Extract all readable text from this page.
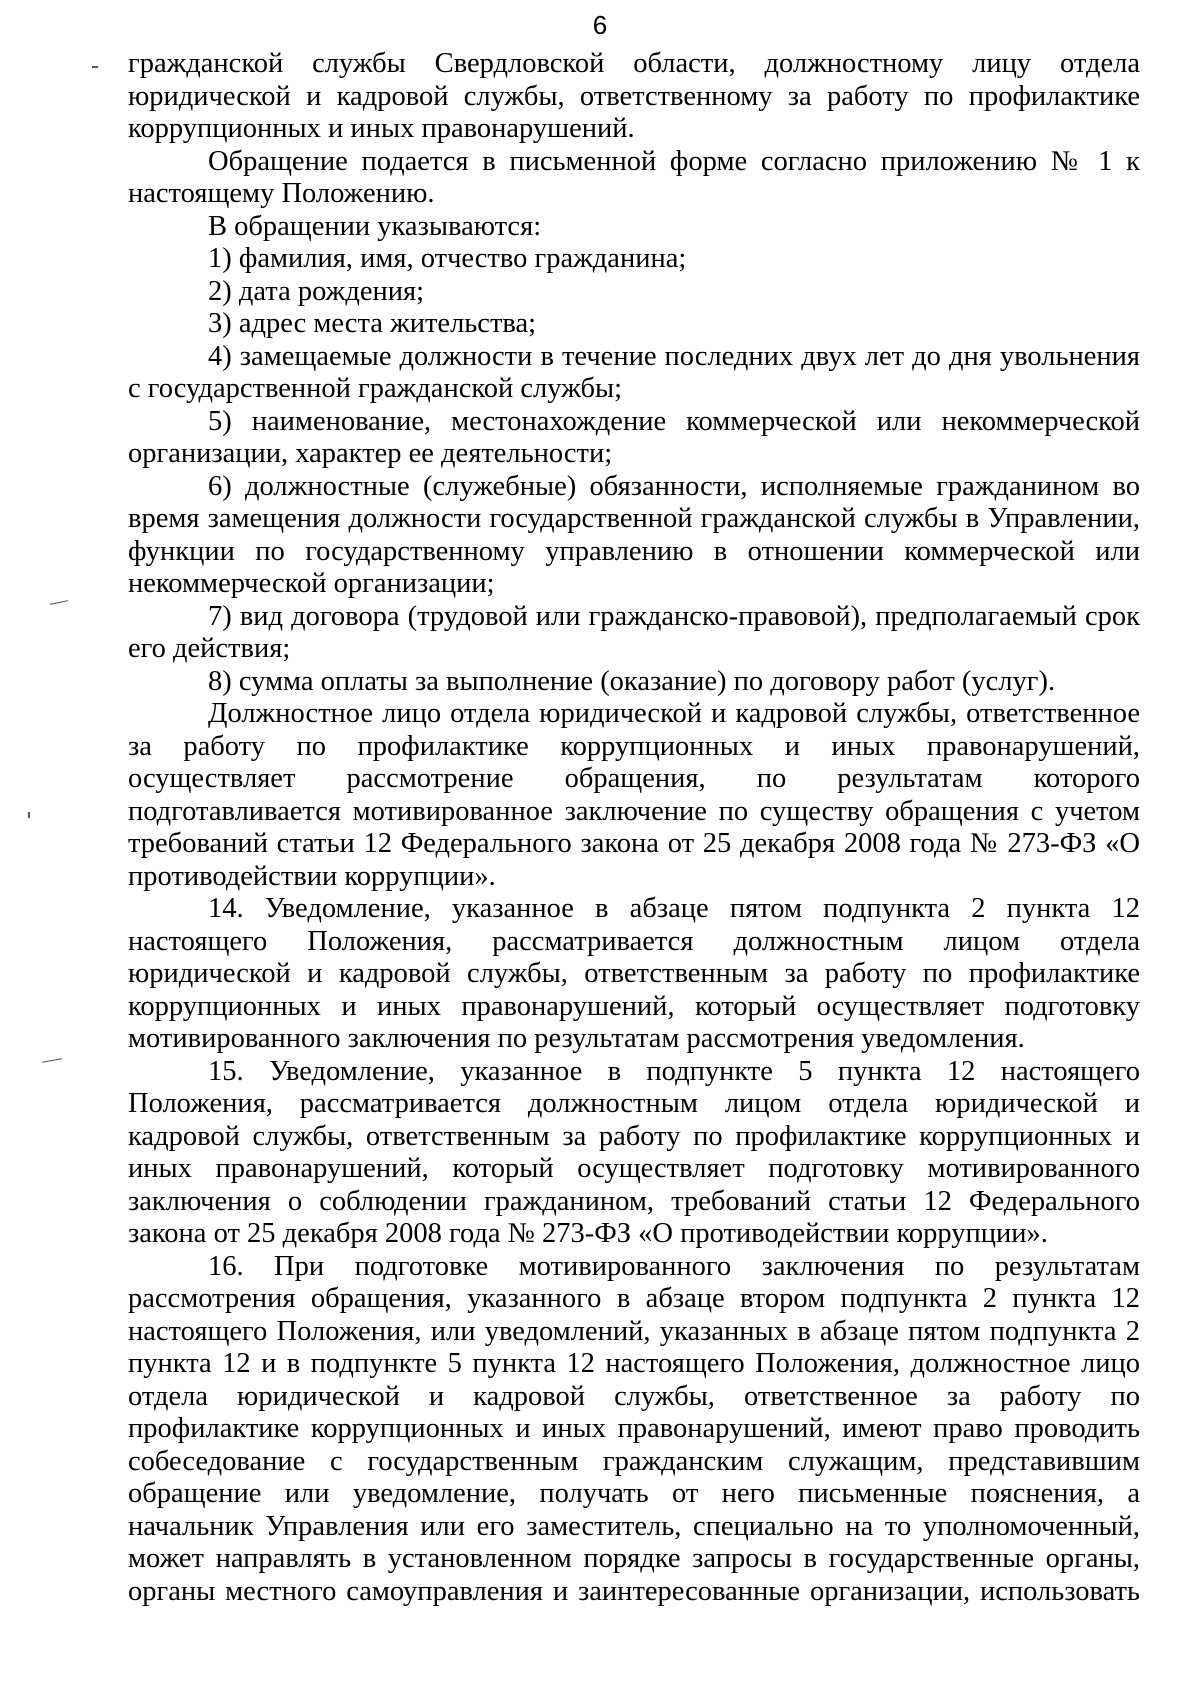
6

гражданской службы Свердловской области, должностному лицу отдела юридической и кадровой службы, ответственному за работу по профилактике коррупционных и иных правонарушений.

Обращение подается в письменной форме согласно приложению № 1 к настоящему Положению.

В обращении указываются:

1) фамилия, имя, отчество гражданина;

2) дата рождения;

3) адрес места жительства;

4) замещаемые должности в течение последних двух лет до дня увольнения с государственной гражданской службы;

5) наименование, местонахождение коммерческой или некоммерческой организации, характер ее деятельности;

6) должностные (служебные) обязанности, исполняемые гражданином во время замещения должности государственной гражданской службы в Управлении, функции по государственному управлению в отношении коммерческой или некоммерческой организации;

7) вид договора (трудовой или гражданско-правовой), предполагаемый срок его действия;

8) сумма оплаты за выполнение (оказание) по договору работ (услуг).

Должностное лицо отдела юридической и кадровой службы, ответственное за работу по профилактике коррупционных и иных правонарушений, осуществляет рассмотрение обращения, по результатам которого подготавливается мотивированное заключение по существу обращения с учетом требований статьи 12 Федерального закона от 25 декабря 2008 года № 273-ФЗ «О противодействии коррупции».

14. Уведомление, указанное в абзаце пятом подпункта 2 пункта 12 настоящего Положения, рассматривается должностным лицом отдела юридической и кадровой службы, ответственным за работу по профилактике коррупционных и иных правонарушений, который осуществляет подготовку мотивированного заключения по результатам рассмотрения уведомления.

15. Уведомление, указанное в подпункте 5 пункта 12 настоящего Положения, рассматривается должностным лицом отдела юридической и кадровой службы, ответственным за работу по профилактике коррупционных и иных правонарушений, который осуществляет подготовку мотивированного заключения о соблюдении гражданином, требований статьи 12 Федерального закона от 25 декабря 2008 года № 273-ФЗ «О противодействии коррупции».

16. При подготовке мотивированного заключения по результатам рассмотрения обращения, указанного в абзаце втором подпункта 2 пункта 12 настоящего Положения, или уведомлений, указанных в абзаце пятом подпункта 2 пункта 12 и в подпункте 5 пункта 12 настоящего Положения, должностное лицо отдела юридической и кадровой службы, ответственное за работу по профилактике коррупционных и иных правонарушений, имеют право проводить собеседование с государственным гражданским служащим, представившим обращение или уведомление, получать от него письменные пояснения, а начальник Управления или его заместитель, специально на то уполномоченный, может направлять в установленном порядке запросы в государственные органы, органы местного самоуправления и заинтересованные организации, использовать
